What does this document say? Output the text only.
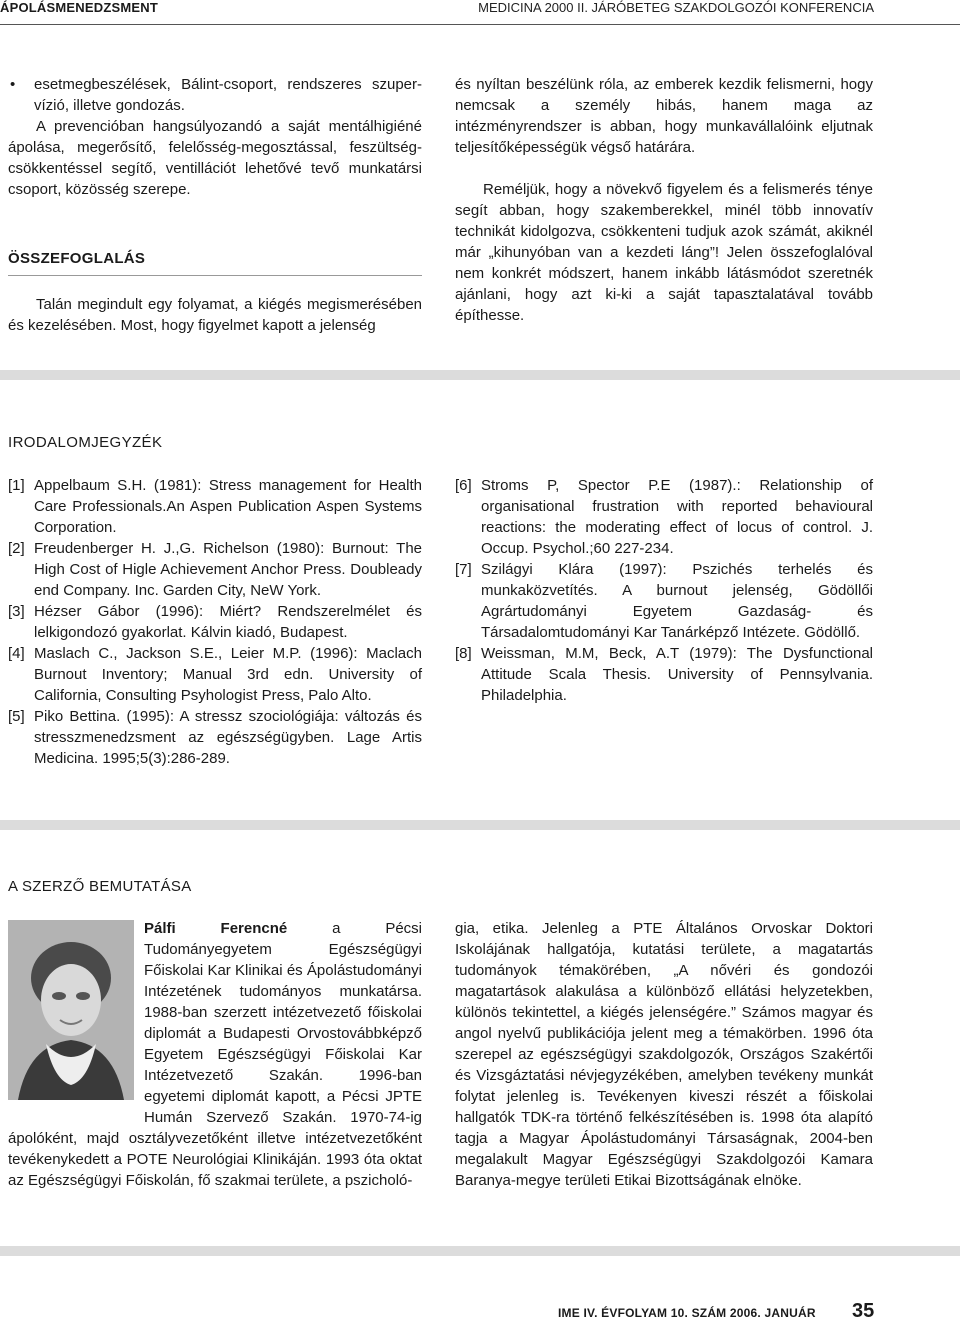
ÁPOLÁSMENEDZSMENT	MEDICINA 2000 II. JÁRÓBETEG SZAKDOLGOZÓI KONFERENCIA
•	esetmegbeszélések, Bálint-csoport, rendszeres szuper-vízió, illetve gondozás.

A prevencióban hangsúlyozandó a saját mentálhigiéné ápolása, megerősítő, felelősség-megosztással, feszültség-csökkentéssel segítő, ventillációt lehetővé tevő munkatársi csoport, közösség szerepe.

ÖSSZEFOGLALÁS

Talán megindult egy folyamat, a kiégés megismerésében és kezelésében. Most, hogy figyelmet kapott a jelenség

és nyíltan beszélünk róla, az emberek kezdik felismerni, hogy nemcsak a személy hibás, hanem maga az intézményrendszer is abban, hogy munkavállalóink eljutnak teljesítőképességük végső határára.

Reméljük, hogy a növekvő figyelem és a felismerés ténye segít abban, hogy szakemberekkel, minél több innovatív technikát kidolgozva, csökkenteni tudjuk azok számát, akiknél már „kihunyóban van a kezdeti láng”! Jelen összefoglalóval nem konkrét módszert, hanem inkább látásmódot szeretnék ajánlani, hogy azt ki-ki a saját tapasztalatával tovább építhesse.

IRODALOMJEGYZÉK
[1] Appelbaum S.H. (1981): Stress management for Health Care Professionals.An Aspen Publication Aspen Systems Corporation.
[2] Freudenberger H. J.,G. Richelson (1980): Burnout: The High Cost of Higle Achievement Anchor Press. Doubleady end Company. Inc. Garden City, NeW York.
[3] Hézser Gábor (1996): Miért? Rendszerelmélet és lelkigondozó gyakorlat. Kálvin kiadó, Budapest.
[4] Maslach C., Jackson S.E., Leier M.P. (1996): Maclach Burnout Inventory; Manual 3rd edn. University of California, Consulting Psyhologist Press, Palo Alto.
[5] Piko Bettina. (1995): A stressz szociológiája: változás és stresszmenedzsment az egészségügyben. Lage Artis Medicina. 1995;5(3):286-289.
[6] Stroms P, Spector P.E (1987).: Relationship of organisational frustration with reported behavioural reactions: the moderating effect of locus of control. J. Occup. Psychol.;60 227-234.
[7] Szilágyi Klára (1997): Pszichés terhelés és munkaközvetítés. A burnout jelenség, Gödöllői Agrártudományi Egyetem Gazdaság- és Társadalomtudományi Kar Tanárképző Intézete. Gödöllő.
[8] Weissman, M.M, Beck, A.T (1979): The Dysfunctional Attitude Scala Thesis. University of Pennsylvania. Philadelphia.
A SZERZŐ BEMUTATÁSA
Pálfi Ferencné a Pécsi Tudományegyetem Egészségügyi Főiskolai Kar Klinikai és Ápolástudományi Intézetének tudományos munkatársa. 1988-ban szerzett intézetvezető főiskolai diplomát a Budapesti Orvostovábbképző Egyetem Egészségügyi Főiskolai Kar Intézetvezető Szakán. 1996-ban egyetemi diplomát kapott, a Pécsi JPTE Humán Szervező Szakán. 1970-74-ig ápolóként, majd osztályvezetőként illetve intézetvezetőként tevékenykedett a POTE Neurológiai Klinikáján. 1993 óta oktat az Egészségügyi Főiskolán, fő szakmai területe, a pszicholó-
gia, etika. Jelenleg a PTE Általános Orvoskar Doktori Iskolájának hallgatója, kutatási területe, a magatartás tudományok témakörében, „A nővéri és gondozói magatartások alakulása a különböző ellátási helyzetekben, különös tekintettel, a kiégés jelenségére.” Számos magyar és angol nyelvű publikációja jelent meg a témakörben. 1996 óta szerepel az egészségügyi szakdolgozók, Országos Szakértői és Vizsgáztatási névjegyzékében, amelyben tevékeny munkát folytat jelenleg is. Tevékenyen kiveszi részét a főiskolai hallgatók TDK-ra történő felkészítésében is. 1998 óta alapító tagja a Magyar Ápolástudományi Társaságnak, 2004-ben megalakult Magyar Egészségügyi Szakdolgozói Kamara Baranya-megye területi Etikai Bizottságának elnöke.
IME IV. ÉVFOLYAM 10. SZÁM 2006. JANUÁR 35
